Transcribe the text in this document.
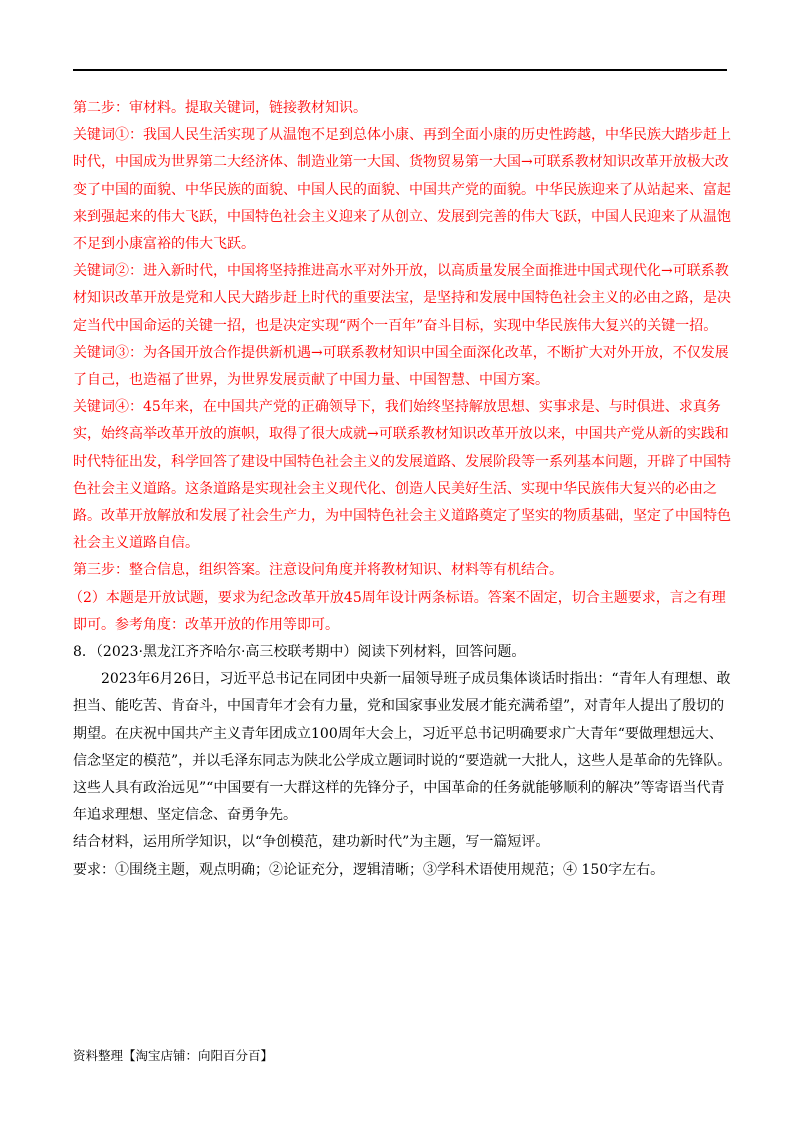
第二步：审材料。提取关键词，链接教材知识。

关键词①：我国人民生活实现了从温饱不足到总体小康、再到全面小康的历史性跨越，中华民族大踏步赶上时代，中国成为世界第二大经济体、制造业第一大国、货物贸易第一大国→可联系教材知识改革开放极大改变了中国的面貌、中华民族的面貌、中国人民的面貌、中国共产党的面貌。中华民族迎来了从站起来、富起来到强起来的伟大飞跃，中国特色社会主义迎来了从创立、发展到完善的伟大飞跃，中国人民迎来了从温饱不足到小康富裕的伟大飞跃。

关键词②：进入新时代，中国将坚持推进高水平对外开放，以高质量发展全面推进中国式现代化→可联系教材知识改革开放是党和人民大踏步赶上时代的重要法宝，是坚持和发展中国特色社会主义的必由之路，是决定当代中国命运的关键一招，也是决定实现“两个一百年”奋斗目标，实现中华民族伟大复兴的关键一招。

关键词③：为各国开放合作提供新机遇→可联系教材知识中国全面深化改革，不断扩大对外开放，不仅发展了自己，也造福了世界，为世界发展贡献了中国力量、中国智慧、中国方案。

关键词④：45年来，在中国共产党的正确领导下，我们始终坚持解放思想、实事求是、与时俱进、求真务实，始终高举改革开放的旗帜，取得了很大成就→可联系教材知识改革开放以来，中国共产党从新的实践和时代特征出发，科学回答了建设中国特色社会主义的发展道路、发展阶段等一系列基本问题，开辟了中国特色社会主义道路。这条道路是实现社会主义现代化、创造人民美好生活、实现中华民族伟大复兴的必由之路。改革开放解放和发展了社会生产力，为中国特色社会主义道路奠定了坚实的物质基础，坚定了中国特色社会主义道路自信。

第三步：整合信息，组织答案。注意设问角度并将教材知识、材料等有机结合。

（2）本题是开放试题，要求为纪念改革开放45周年设计两条标语。答案不固定，切合主题要求，言之有理即可。参考角度：改革开放的作用等即可。

8．（2023·黑龙江齐齐哈尔·高三校联考期中）阅读下列材料，回答问题。

2023年6月26日，习近平总书记在同团中央新一届领导班子成员集体谈话时指出：“青年人有理想、敢担当、能吃苦、肯奋斗，中国青年才会有力量，党和国家事业发展才能充满希望”，对青年人提出了殷切的期望。在庆祝中国共产主义青年团成立100周年大会上，习近平总书记明确要求广大青年“要做理想远大、信念坚定的模范”，并以毛泽东同志为陕北公学成立题词时说的“要造就一大批人，这些人是革命的先锋队。这些人具有政治远见”“中国要有一大群这样的先锋分子，中国革命的任务就能够顺利的解决”等寄语当代青年追求理想、坚定信念、奋勇争先。

结合材料，运用所学知识，以“争创模范，建功新时代”为主题，写一篇短评。

要求：①围绕主题，观点明确；②论证充分，逻辑清晰；③学科术语使用规范；④ 150字左右。

资料整理【淘宝店铺：向阳百分百】
